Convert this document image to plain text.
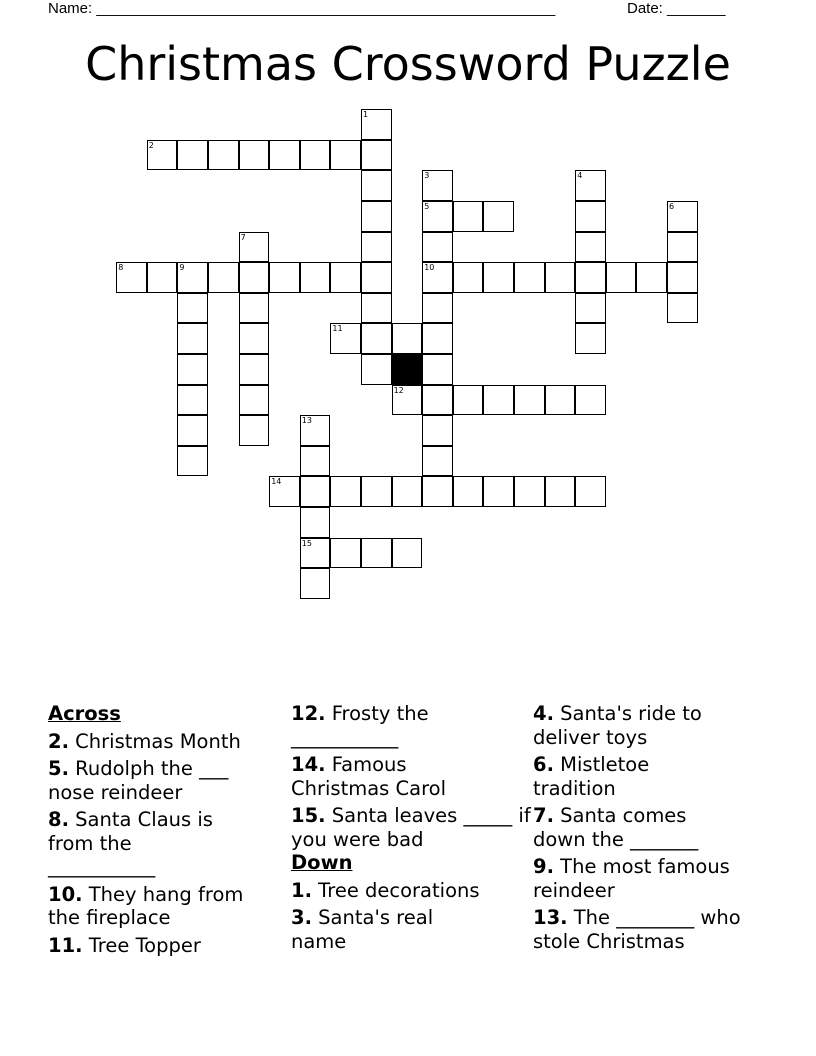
Name: _______________________________________________________	Date: _______
Christmas Crossword Puzzle
1
2
3	4
5	6
7
8	9	10
11
12
13
14
15
Across
2. Christmas Month
5. Rudolph the ___ nose reindeer
8. Santa Claus is from the ___________
10. They hang from the fireplace
11. Tree Topper
12. Frosty the ___________
14. Famous Christmas Carol
15. Santa leaves _____ if you were bad
Down
1. Tree decorations
3. Santa's real name
4. Santa's ride to deliver toys
6. Mistletoe tradition
7. Santa comes down the _______
9. The most famous reindeer
13. The ________ who stole Christmas
